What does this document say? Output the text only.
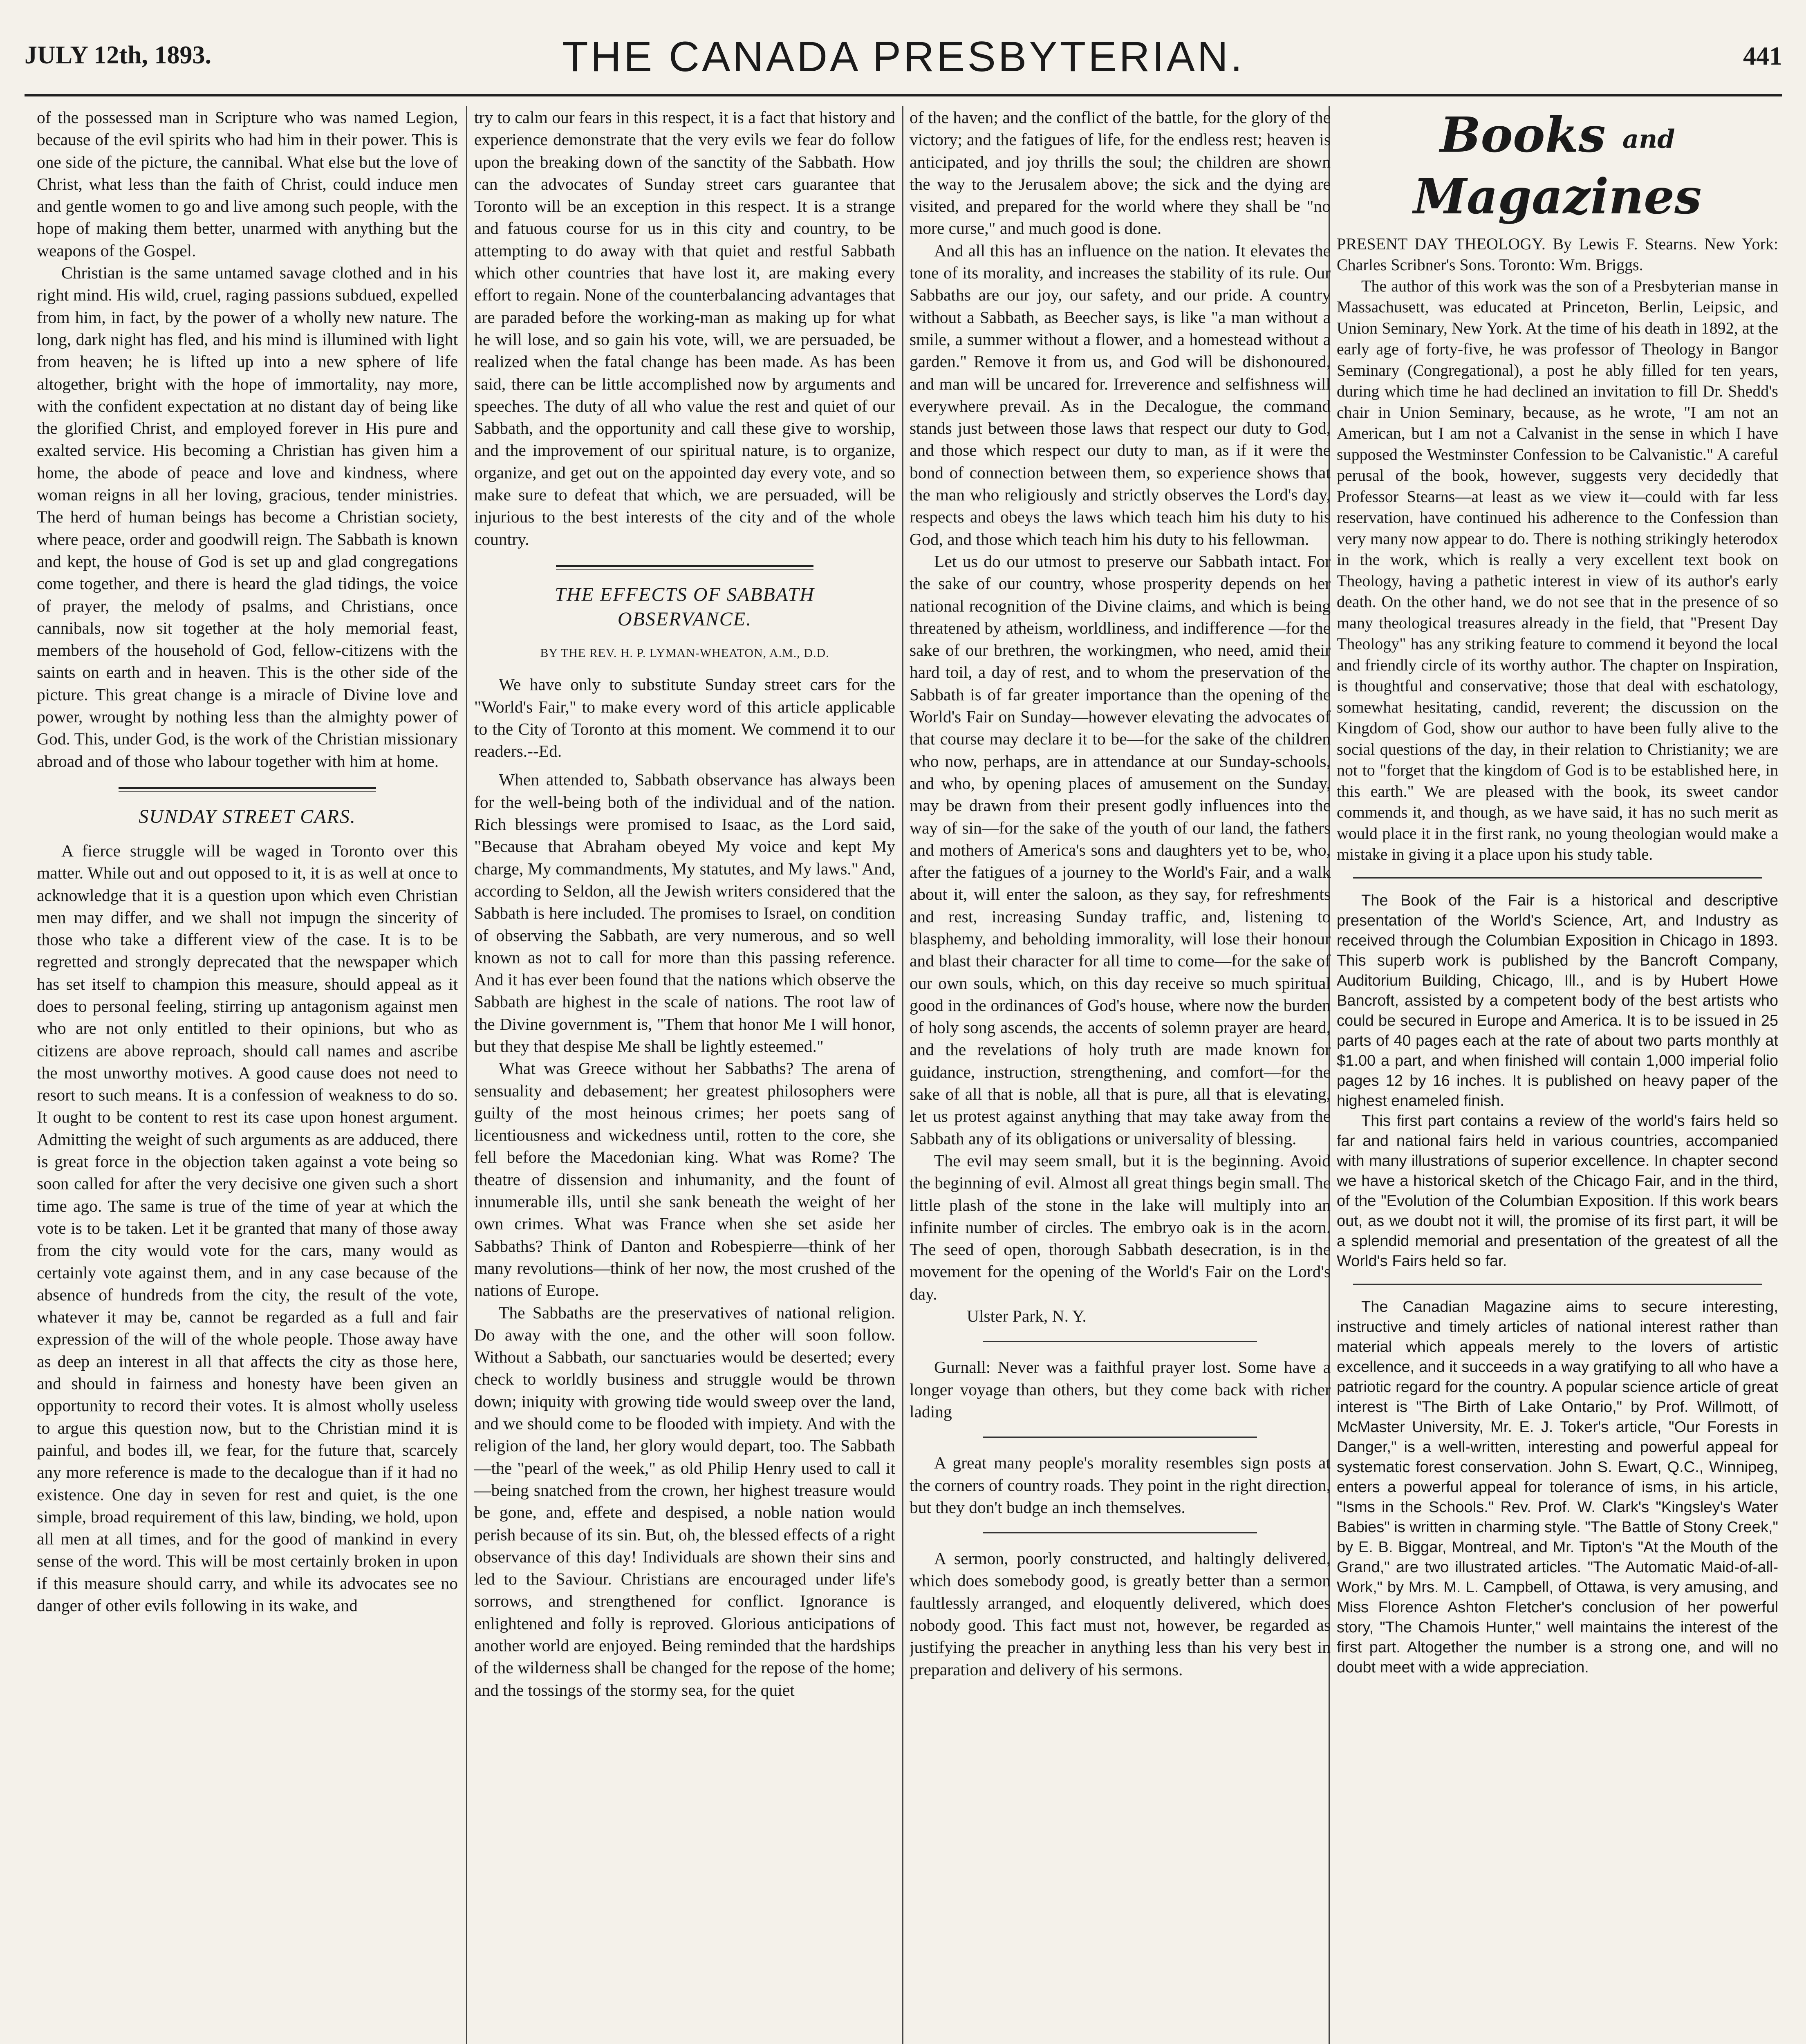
JULY 12th, 1893.	THE CANADA PRESBYTERIAN.	441

of the possessed man in Scripture who was named Legion, because of the evil spirits who had him in their power. This is one side of the picture, the cannibal. What else but the love of Christ, what less than the faith of Christ, could induce men and gentle women to go and live among such people, with the hope of making them better, unarmed with anything but the weapons of the Gospel.

Christian is the same untamed savage clothed and in his right mind. His wild, cruel, raging passions subdued, expelled from him, in fact, by the power of a wholly new nature. The long, dark night has fled, and his mind is illumined with light from heaven; he is lifted up into a new sphere of life altogether, bright with the hope of immortality, nay more, with the confident expectation at no distant day of being like the glorified Christ, and employed forever in His pure and exalted service. His becoming a Christian has given him a home, the abode of peace and love and kindness, where woman reigns in all her loving, gracious, tender ministries. The herd of human beings has become a Christian society, where peace, order and goodwill reign. The Sabbath is known and kept, the house of God is set up and glad congregations come together, and there is heard the glad tidings, the voice of prayer, the melody of psalms, and Christians, once cannibals, now sit together at the holy memorial feast, members of the household of God, fellow-citizens with the saints on earth and in heaven. This is the other side of the picture. This great change is a miracle of Divine love and power, wrought by nothing less than the almighty power of God. This, under God, is the work of the Christian missionary abroad and of those who labour together with him at home.

SUNDAY STREET CARS.

A fierce struggle will be waged in Toronto over this matter. While out and out opposed to it, it is as well at once to acknowledge that it is a question upon which even Christian men may differ, and we shall not impugn the sincerity of those who take a different view of the case. It is to be regretted and strongly deprecated that the newspaper which has set itself to champion this measure, should appeal as it does to personal feeling, stirring up antagonism against men who are not only entitled to their opinions, but who as citizens are above reproach, should call names and ascribe the most unworthy motives. A good cause does not need to resort to such means. It is a confession of weakness to do so. It ought to be content to rest its case upon honest argument. Admitting the weight of such arguments as are adduced, there is great force in the objection taken against a vote being so soon called for after the very decisive one given such a short time ago. The same is true of the time of year at which the vote is to be taken. Let it be granted that many of those away from the city would vote for the cars, many would as certainly vote against them, and in any case because of the absence of hundreds from the city, the result of the vote, whatever it may be, cannot be regarded as a full and fair expression of the will of the whole people. Those away have as deep an interest in all that affects the city as those here, and should in fairness and honesty have been given an opportunity to record their votes. It is almost wholly useless to argue this question now, but to the Christian mind it is painful, and bodes ill, we fear, for the future that, scarcely any more reference is made to the decalogue than if it had no existence. One day in seven for rest and quiet, is the one simple, broad requirement of this law, binding, we hold, upon all men at all times, and for the good of mankind in every sense of the word. This will be most certainly broken in upon if this measure should carry, and while its advocates see no danger of other evils following in its wake, and

try to calm our fears in this respect, it is a fact that history and experience demonstrate that the very evils we fear do follow upon the breaking down of the sanctity of the Sabbath. How can the advocates of Sunday street cars guarantee that Toronto will be an exception in this respect. It is a strange and fatuous course for us in this city and country, to be attempting to do away with that quiet and restful Sabbath which other countries that have lost it, are making every effort to regain. None of the counterbalancing advantages that are paraded before the working-man as making up for what he will lose, and so gain his vote, will, we are persuaded, be realized when the fatal change has been made. As has been said, there can be little accomplished now by arguments and speeches. The duty of all who value the rest and quiet of our Sabbath, and the opportunity and call these give to worship, and the improvement of our spiritual nature, is to organize, organize, and get out on the appointed day every vote, and so make sure to defeat that which, we are persuaded, will be injurious to the best interests of the city and of the whole country.

THE EFFECTS OF SABBATH OBSERVANCE.
BY THE REV. H. P. LYMAN-WHEATON, A.M., D.D.

We have only to substitute Sunday street cars for the "World's Fair," to make every word of this article applicable to the City of Toronto at this moment. We commend it to our readers.--Ed.

When attended to, Sabbath observance has always been for the well-being both of the individual and of the nation. Rich blessings were promised to Isaac, as the Lord said, "Because that Abraham obeyed My voice and kept My charge, My commandments, My statutes, and My laws." And, according to Seldon, all the Jewish writers considered that the Sabbath is here included. The promises to Israel, on condition of observing the Sabbath, are very numerous, and so well known as not to call for more than this passing reference. And it has ever been found that the nations which observe the Sabbath are highest in the scale of nations. The root law of the Divine government is, "Them that honor Me I will honor, but they that despise Me shall be lightly esteemed."

What was Greece without her Sabbaths? The arena of sensuality and debasement; her greatest philosophers were guilty of the most heinous crimes; her poets sang of licentiousness and wickedness until, rotten to the core, she fell before the Macedonian king. What was Rome? The theatre of dissension and inhumanity, and the fount of innumerable ills, until she sank beneath the weight of her own crimes. What was France when she set aside her Sabbaths? Think of Danton and Robespierre—think of her many revolutions—think of her now, the most crushed of the nations of Europe.

The Sabbaths are the preservatives of national religion. Do away with the one, and the other will soon follow. Without a Sabbath, our sanctuaries would be deserted; every check to worldly business and struggle would be thrown down; iniquity with growing tide would sweep over the land, and we should come to be flooded with impiety. And with the religion of the land, her glory would depart, too. The Sabbath—the "pearl of the week," as old Philip Henry used to call it—being snatched from the crown, her highest treasure would be gone, and, effete and despised, a noble nation would perish because of its sin. But, oh, the blessed effects of a right observance of this day! Individuals are shown their sins and led to the Saviour. Christians are encouraged under life's sorrows, and strengthened for conflict. Ignorance is enlightened and folly is reproved. Glorious anticipations of another world are enjoyed. Being reminded that the hardships of the wilderness shall be changed for the repose of the home; and the tossings of the stormy sea, for the quiet

of the haven; and the conflict of the battle, for the glory of the victory; and the fatigues of life, for the endless rest; heaven is anticipated, and joy thrills the soul; the children are shown the way to the Jerusalem above; the sick and the dying are visited, and prepared for the world where they shall be "no more curse," and much good is done.

And all this has an influence on the nation. It elevates the tone of its morality, and increases the stability of its rule. Our Sabbaths are our joy, our safety, and our pride. A country without a Sabbath, as Beecher says, is like "a man without a smile, a summer without a flower, and a homestead without a garden." Remove it from us, and God will be dishonoured, and man will be uncared for. Irreverence and selfishness will everywhere prevail. As in the Decalogue, the command stands just between those laws that respect our duty to God, and those which respect our duty to man, as if it were the bond of connection between them, so experience shows that the man who religiously and strictly observes the Lord's day, respects and obeys the laws which teach him his duty to his God, and those which teach him his duty to his fellowman.

Let us do our utmost to preserve our Sabbath intact. For the sake of our country, whose prosperity depends on her national recognition of the Divine claims, and which is being threatened by atheism, worldliness, and indifference —for the sake of our brethren, the workingmen, who need, amid their hard toil, a day of rest, and to whom the preservation of the Sabbath is of far greater importance than the opening of the World's Fair on Sunday—however elevating the advocates of that course may declare it to be—for the sake of the children who now, perhaps, are in attendance at our Sunday-schools, and who, by opening places of amusement on the Sunday, may be drawn from their present godly influences into the way of sin—for the sake of the youth of our land, the fathers and mothers of America's sons and daughters yet to be, who, after the fatigues of a journey to the World's Fair, and a walk about it, will enter the saloon, as they say, for refreshments and rest, increasing Sunday traffic, and, listening to blasphemy, and beholding immorality, will lose their honour and blast their character for all time to come—for the sake of our own souls, which, on this day receive so much spiritual good in the ordinances of God's house, where now the burden of holy song ascends, the accents of solemn prayer are heard, and the revelations of holy truth are made known for guidance, instruction, strengthening, and comfort—for the sake of all that is noble, all that is pure, all that is elevating, let us protest against anything that may take away from the Sabbath any of its obligations or universality of blessing.

The evil may seem small, but it is the beginning. Avoid the beginning of evil. Almost all great things begin small. The little plash of the stone in the lake will multiply into an infinite number of circles. The embryo oak is in the acorn. The seed of open, thorough Sabbath desecration, is in the movement for the opening of the World's Fair on the Lord's day.

Ulster Park, N. Y.

Gurnall: Never was a faithful prayer lost. Some have a longer voyage than others, but they come back with richer lading

A great many people's morality resembles sign posts at the corners of country roads. They point in the right direction, but they don't budge an inch themselves.

A sermon, poorly constructed, and haltingly delivered, which does somebody good, is greatly better than a sermon faultlessly arranged, and eloquently delivered, which does nobody good. This fact must not, however, be regarded as justifying the preacher in anything less than his very best in preparation and delivery of his sermons.

Books and Magazines

PRESENT DAY THEOLOGY. By Lewis F. Stearns. New York: Charles Scribner's Sons. Toronto: Wm. Briggs.

The author of this work was the son of a Presbyterian manse in Massachusett, was educated at Princeton, Berlin, Leipsic, and Union Seminary, New York. At the time of his death in 1892, at the early age of forty-five, he was professor of Theology in Bangor Seminary (Congregational), a post he ably filled for ten years, during which time he had declined an invitation to fill Dr. Shedd's chair in Union Seminary, because, as he wrote, "I am not an American, but I am not a Calvanist in the sense in which I have supposed the Westminster Confession to be Calvanistic." A careful perusal of the book, however, suggests very decidedly that Professor Stearns—at least as we view it—could with far less reservation, have continued his adherence to the Confession than very many now appear to do. There is nothing strikingly heterodox in the work, which is really a very excellent text book on Theology, having a pathetic interest in view of its author's early death. On the other hand, we do not see that in the presence of so many theological treasures already in the field, that "Present Day Theology" has any striking feature to commend it beyond the local and friendly circle of its worthy author. The chapter on Inspiration, is thoughtful and conservative; those that deal with eschatology, somewhat hesitating, candid, reverent; the discussion on the Kingdom of God, show our author to have been fully alive to the social questions of the day, in their relation to Christianity; we are not to "forget that the kingdom of God is to be established here, in this earth." We are pleased with the book, its sweet candor commends it, and though, as we have said, it has no such merit as would place it in the first rank, no young theologian would make a mistake in giving it a place upon his study table.

The Book of the Fair is a historical and descriptive presentation of the World's Science, Art, and Industry as received through the Columbian Exposition in Chicago in 1893. This superb work is published by the Bancroft Company, Auditorium Building, Chicago, Ill., and is by Hubert Howe Bancroft, assisted by a competent body of the best artists who could be secured in Europe and America. It is to be issued in 25 parts of 40 pages each at the rate of about two parts monthly at $1.00 a part, and when finished will contain 1,000 imperial folio pages 12 by 16 inches. It is published on heavy paper of the highest enameled finish.

This first part contains a review of the world's fairs held so far and national fairs held in various countries, accompanied with many illustrations of superior excellence. In chapter second we have a historical sketch of the Chicago Fair, and in the third, of the "Evolution of the Columbian Exposition. If this work bears out, as we doubt not it will, the promise of its first part, it will be a splendid memorial and presentation of the greatest of all the World's Fairs held so far.

The Canadian Magazine aims to secure interesting, instructive and timely articles of national interest rather than material which appeals merely to the lovers of artistic excellence, and it succeeds in a way gratifying to all who have a patriotic regard for the country. A popular science article of great interest is "The Birth of Lake Ontario," by Prof. Willmott, of McMaster University, Mr. E. J. Toker's article, "Our Forests in Danger," is a well-written, interesting and powerful appeal for systematic forest conservation. John S. Ewart, Q.C., Winnipeg, enters a powerful appeal for tolerance of isms, in his article, "Isms in the Schools." Rev. Prof. W. Clark's "Kingsley's Water Babies" is written in charming style. "The Battle of Stony Creek," by E. B. Biggar, Montreal, and Mr. Tipton's "At the Mouth of the Grand," are two illustrated articles. "The Automatic Maid-of-all-Work," by Mrs. M. L. Campbell, of Ottawa, is very amusing, and Miss Florence Ashton Fletcher's conclusion of her powerful story, "The Chamois Hunter," well maintains the interest of the first part. Altogether the number is a strong one, and will no doubt meet with a wide appreciation.
